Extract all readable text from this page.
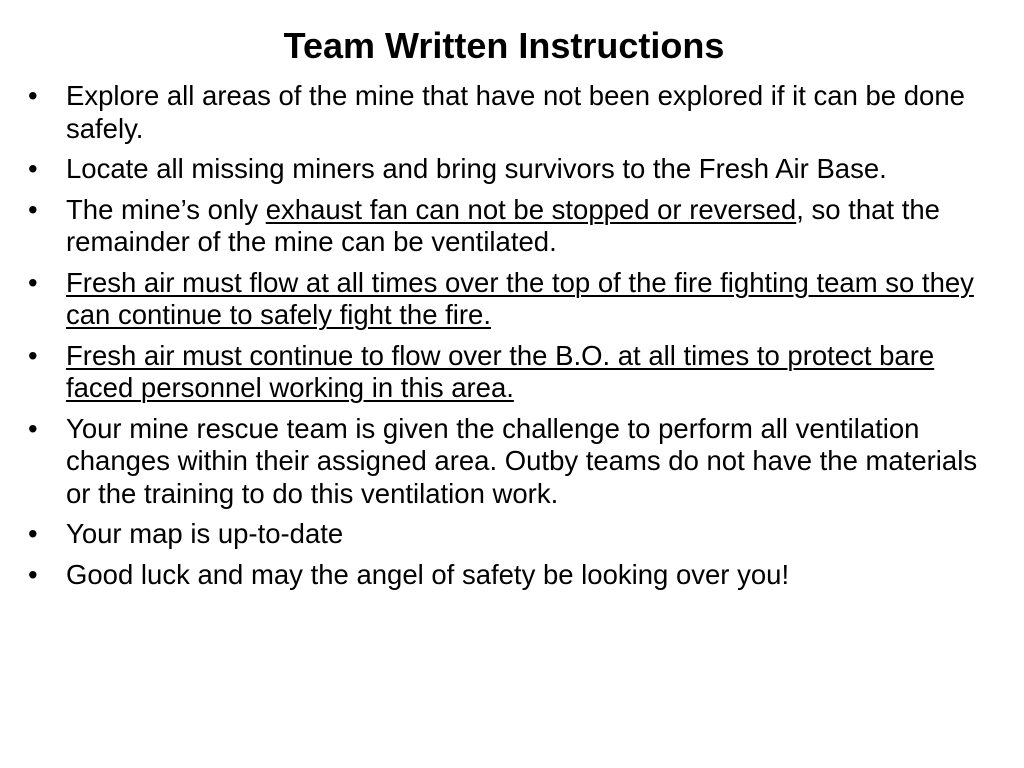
Team Written Instructions
• Explore all areas of the mine that have not been explored if it can be done safely.
• Locate all missing miners and bring survivors to the Fresh Air Base.
• The mine’s only exhaust fan can not be stopped or reversed, so that the remainder of the mine can be ventilated.
• Fresh air must flow at all times over the top of the fire fighting team so they can continue to safely fight the fire.
• Fresh air must continue to flow over the B.O. at all times to protect bare faced personnel working in this area.
• Your mine rescue team is given the challenge to perform all ventilation changes within their assigned area. Outby teams do not have the materials or the training to do this ventilation work.
• Your map is up-to-date
• Good luck and may the angel of safety be looking over you!
